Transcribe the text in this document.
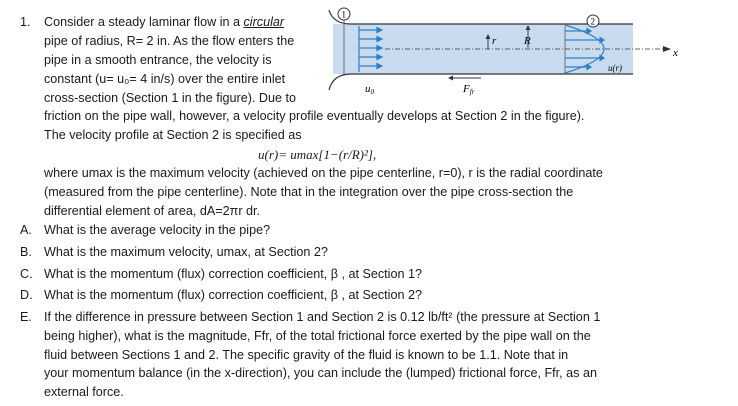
1. Consider a steady laminar flow in a circular
pipe of radius, R= 2 in. As the flow enters the
pipe in a smooth entrance, the velocity is
constant (u= u₀= 4 in/s) over the entire inlet
cross-section (Section 1 in the figure). Due to
friction on the pipe wall, however, a velocity profile eventually develops at Section 2 in the figure).
The velocity profile at Section 2 is specified as
1
2
x
r	R
u(r)
Ffr
u0
u(r)= umax[1−(r/R)²],
where umax is the maximum velocity (achieved on the pipe centerline, r=0), r is the radial coordinate
(measured from the pipe centerline). Note that in the integration over the pipe cross-section the
differential element of area, dA=2πr dr.
A. What is the average velocity in the pipe?
B. What is the maximum velocity, umax, at Section 2?
C. What is the momentum (flux) correction coefficient, β , at Section 1?
D. What is the momentum (flux) correction coefficient, β , at Section 2?
E. If the difference in pressure between Section 1 and Section 2 is 0.12 lb/ft² (the pressure at Section 1
being higher), what is the magnitude, Ffr, of the total frictional force exerted by the pipe wall on the
fluid between Sections 1 and 2. The specific gravity of the fluid is known to be 1.1. Note that in
your momentum balance (in the x-direction), you can include the (lumped) frictional force, Ffr, as an
external force.
